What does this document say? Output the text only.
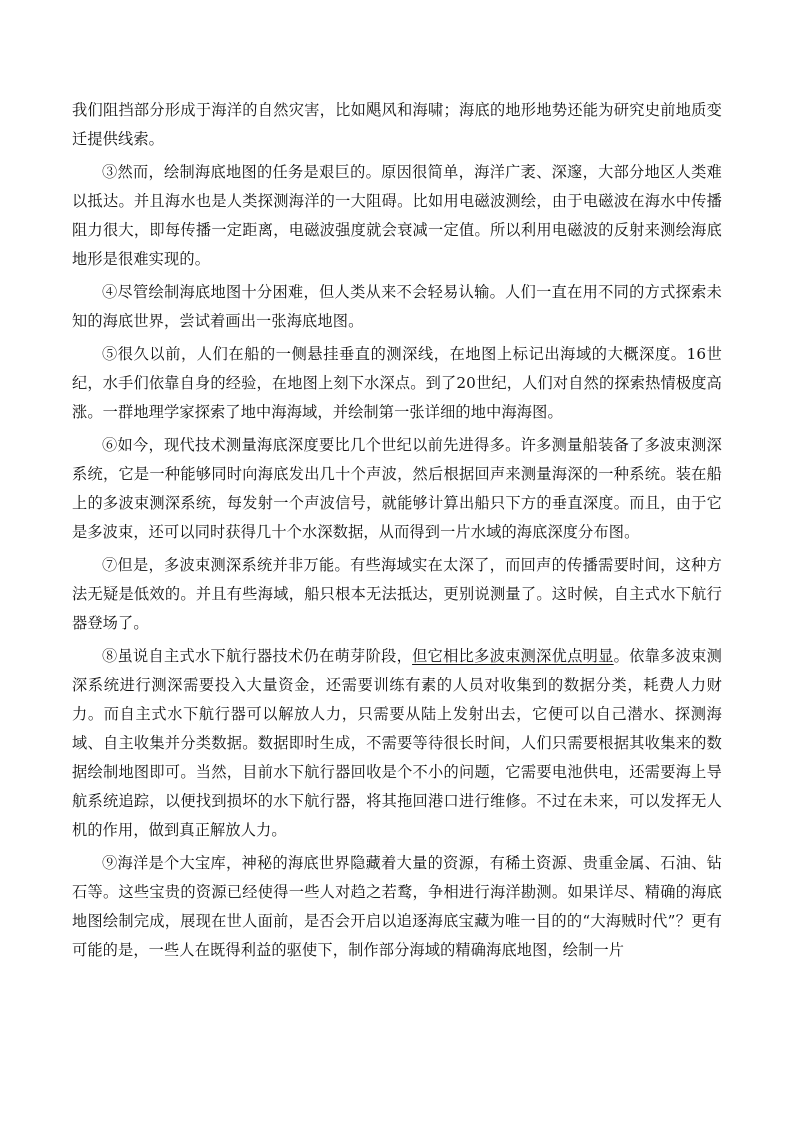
我们阻挡部分形成于海洋的自然灾害，比如飓风和海啸；海底的地形地势还能为研究史前地质变迁提供线索。

③然而，绘制海底地图的任务是艰巨的。原因很简单，海洋广袤、深邃，大部分地区人类难以抵达。并且海水也是人类探测海洋的一大阻碍。比如用电磁波测绘，由于电磁波在海水中传播阻力很大，即每传播一定距离，电磁波强度就会衰减一定值。所以利用电磁波的反射来测绘海底地形是很难实现的。

④尽管绘制海底地图十分困难，但人类从来不会轻易认输。人们一直在用不同的方式探索未知的海底世界，尝试着画出一张海底地图。

⑤很久以前，人们在船的一侧悬挂垂直的测深线，在地图上标记出海域的大概深度。16世纪，水手们依靠自身的经验，在地图上刻下水深点。到了20世纪，人们对自然的探索热情极度高涨。一群地理学家探索了地中海海域，并绘制第一张详细的地中海海图。

⑥如今，现代技术测量海底深度要比几个世纪以前先进得多。许多测量船装备了多波束测深系统，它是一种能够同时向海底发出几十个声波，然后根据回声来测量海深的一种系统。装在船上的多波束测深系统，每发射一个声波信号，就能够计算出船只下方的垂直深度。而且，由于它是多波束，还可以同时获得几十个水深数据，从而得到一片水域的海底深度分布图。

⑦但是，多波束测深系统并非万能。有些海域实在太深了，而回声的传播需要时间，这种方法无疑是低效的。并且有些海域，船只根本无法抵达，更别说测量了。这时候，自主式水下航行器登场了。

⑧虽说自主式水下航行器技术仍在萌芽阶段，但它相比多波束测深优点明显。依靠多波束测深系统进行测深需要投入大量资金，还需要训练有素的人员对收集到的数据分类，耗费人力财力。而自主式水下航行器可以解放人力，只需要从陆上发射出去，它便可以自己潜水、探测海域、自主收集并分类数据。数据即时生成，不需要等待很长时间，人们只需要根据其收集来的数据绘制地图即可。当然，目前水下航行器回收是个不小的问题，它需要电池供电，还需要海上导航系统追踪，以便找到损坏的水下航行器，将其拖回港口进行维修。不过在未来，可以发挥无人机的作用，做到真正解放人力。

⑨海洋是个大宝库，神秘的海底世界隐藏着大量的资源，有稀土资源、贵重金属、石油、钻石等。这些宝贵的资源已经使得一些人对趋之若鹜，争相进行海洋勘测。如果详尽、精确的海底地图绘制完成，展现在世人面前，是否会开启以追逐海底宝藏为唯一目的的“大海贼时代”？更有可能的是，一些人在既得利益的驱使下，制作部分海域的精确海底地图，绘制一片
